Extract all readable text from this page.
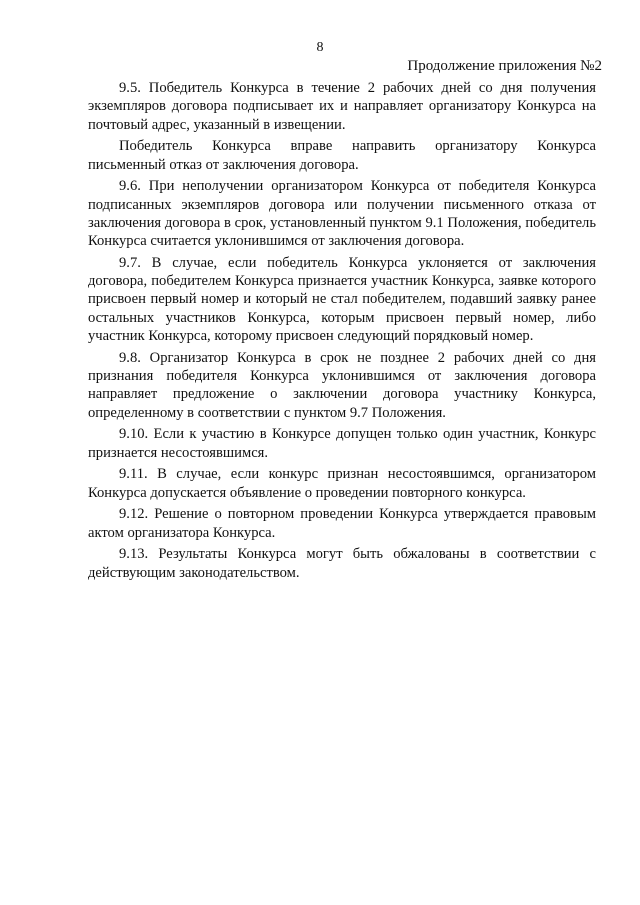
8
Продолжение приложения №2

9.5. Победитель Конкурса в течение 2 рабочих дней со дня получения экземпляров договора подписывает их и направляет организатору Конкурса на почтовый адрес, указанный в извещении.

Победитель Конкурса вправе направить организатору Конкурса письменный отказ от заключения договора.

9.6. При неполучении организатором Конкурса от победителя Конкурса подписанных экземпляров договора или получении письменного отказа от заключения договора в срок, установленный пунктом 9.1 Положения, победитель Конкурса считается уклонившимся от заключения договора.

9.7. В случае, если победитель Конкурса уклоняется от заключения договора, победителем Конкурса признается участник Конкурса, заявке которого присвоен первый номер и который не стал победителем, подавший заявку ранее остальных участников Конкурса, которым присвоен первый номер, либо участник Конкурса, которому присвоен следующий порядковый номер.

9.8. Организатор Конкурса в срок не позднее 2 рабочих дней со дня признания победителя Конкурса уклонившимся от заключения договора направляет предложение о заключении договора участнику Конкурса, определенному в соответствии с пунктом 9.7 Положения.

9.10. Если к участию в Конкурсе допущен только один участник, Конкурс признается несостоявшимся.

9.11. В случае, если конкурс признан несостоявшимся, организатором Конкурса допускается объявление о проведении повторного конкурса.

9.12. Решение о повторном проведении Конкурса утверждается правовым актом организатора Конкурса.

9.13. Результаты Конкурса могут быть обжалованы в соответствии с действующим законодательством.
